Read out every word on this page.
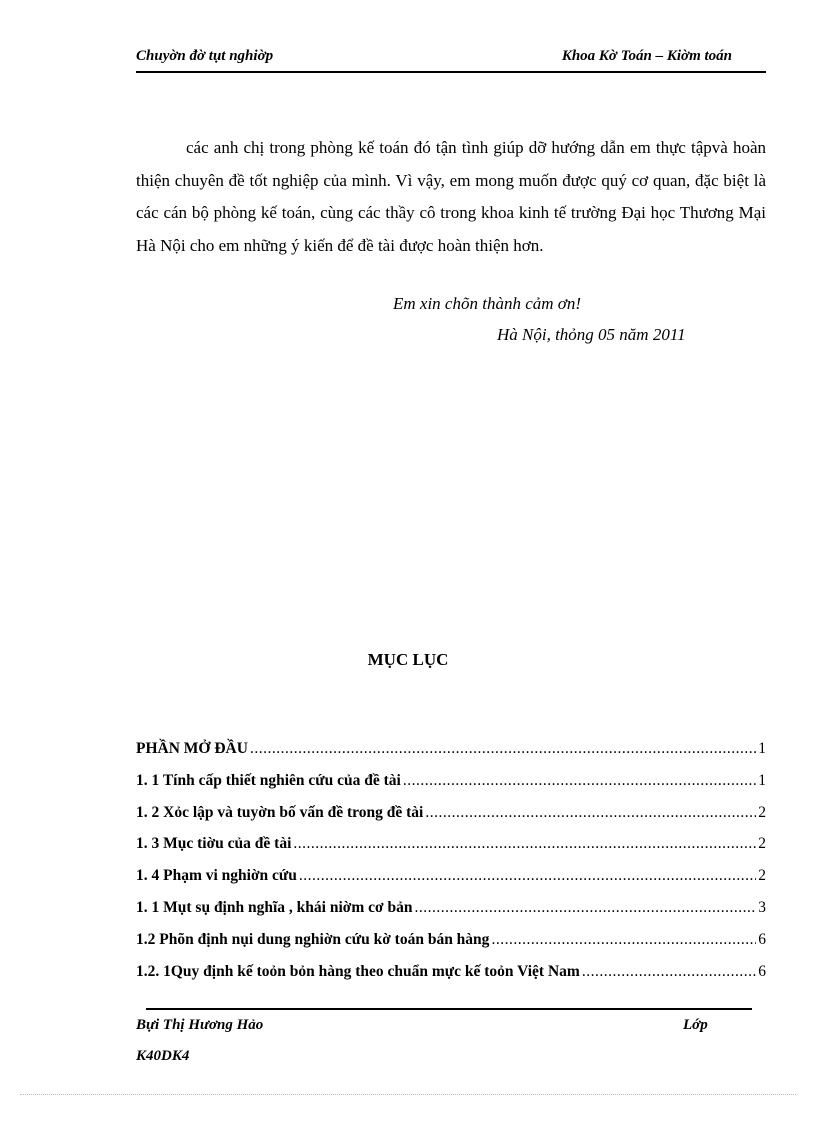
Chuyờn đờ tụt nghiờp	Khoa Kờ Toán – Kiờm toán

các anh chị trong phòng kế toán đó tận tình giúp dỡ hướng dẫn em thực tậpvà hoàn thiện chuyên đề tốt nghiệp của mình. Vì vậy, em mong muốn được quý cơ quan, đặc biệt là các cán bộ phòng kế toán, cùng các thầy cô trong khoa kinh tế trường Đại học Thương Mại Hà Nội cho em những ý kiến để đề tài được hoàn thiện hơn.

Em xin chõn thành cảm ơn!
Hà Nội, thỏng 05 năm 2011
MỤC LỤC
PHẦN MỞ ĐẦU .....	1
1. 1 Tính cấp thiết nghiên cứu của đề tài .....	1
1. 2 Xỏc lập và tuyờn bố vấn đề trong đề tài .....	2
1. 3 Mục tiờu của đề tài .....	2
1. 4 Phạm vi nghiờn cứu .....	2
1. 1 Mụt sụ định nghĩa , khái niờm cơ bản .....	3
1.2 Phõn định nụi dung nghiờn cứu kờ toán bán hàng .....	6
1.2. 1Quy định kế toỏn bỏn hàng theo chuẩn mực kế toỏn Việt Nam .....	6
Bựi Thị Hương Hảo	Lớp
K40DK4
